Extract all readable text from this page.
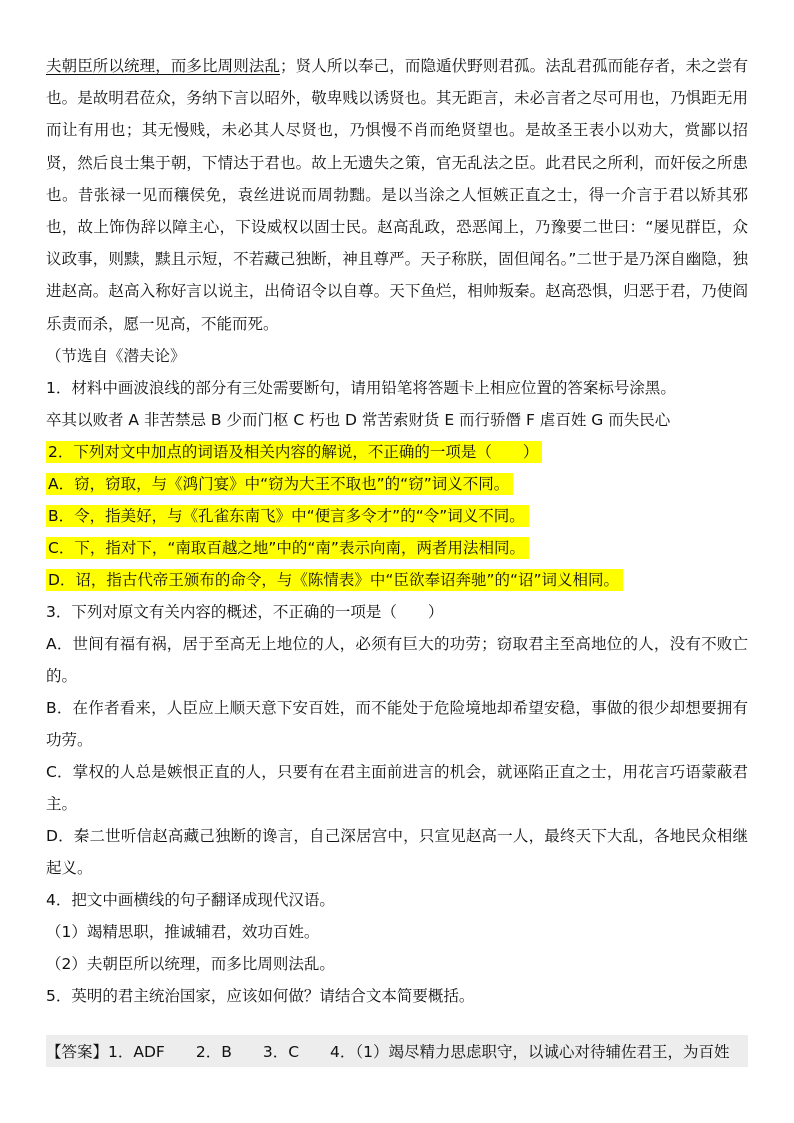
夫朝臣所以统理，而多比周则法乱；贤人所以奉己，而隐遁伏野则君孤。法乱君孤而能存者，未之尝有也。是故明君莅众，务纳下言以昭外，敬卑贱以诱贤也。其无距言，未必言者之尽可用也，乃惧距无用而让有用也；其无慢贱，未必其人尽贤也，乃惧慢不肖而绝贤望也。是故圣王表小以劝大，赏鄙以招贤，然后良士集于朝，下情达于君也。故上无遗失之策，官无乱法之臣。此君民之所利，而奸佞之所患也。昔张禄一见而穰侯免，袁丝进说而周勃黜。是以当涂之人恒嫉正直之士，得一介言于君以矫其邪也，故上饰伪辞以障主心，下设威权以固士民。赵高乱政，恐恶闻上，乃豫要二世曰：“屡见群臣，众议政事，则黩，黩且示短，不若藏己独断，神且尊严。天子称朕，固但闻名。”二世于是乃深自幽隐，独进赵高。赵高入称好言以说主，出倚诏令以自尊。天下鱼烂，相帅叛秦。赵高恐惧，归恶于君，乃使阎乐责而杀，愿一见高，不能而死。

（节选自《潜夫论》

1．材料中画波浪线的部分有三处需要断句，请用铅笔将答题卡上相应位置的答案标号涂黑。

卒其以败者 A 非苦禁忌 B 少而门枢 C 朽也 D 常苦索财货 E 而行骄僭 F 虐百姓 G 而失民心

2．下列对文中加点的词语及相关内容的解说，不正确的一项是（　　）
A．窃，窃取，与《鸿门宴》中“窃为大王不取也”的“窃”词义不同。
B．令，指美好，与《孔雀东南飞》中“便言多令才”的“令”词义不同。
C．下，指对下，“南取百越之地”中的“南”表示向南，两者用法相同。
D．诏，指古代帝王颁布的命令，与《陈情表》中“臣欲奉诏奔驰”的“诏”词义相同。

3．下列对原文有关内容的概述，不正确的一项是（　　）

A．世间有福有祸，居于至高无上地位的人，必须有巨大的功劳；窃取君主至高地位的人，没有不败亡的。

B．在作者看来，人臣应上顺天意下安百姓，而不能处于危险境地却希望安稳，事做的很少却想要拥有功劳。

C．掌权的人总是嫉恨正直的人，只要有在君主面前进言的机会，就诬陷正直之士，用花言巧语蒙蔽君主。

D．秦二世听信赵高藏己独断的谗言，自己深居宫中，只宣见赵高一人，最终天下大乱，各地民众相继起义。

4．把文中画横线的句子翻译成现代汉语。

（1）竭精思职，推诚辅君，效功百姓。

（2）夫朝臣所以统理，而多比周则法乱。

5．英明的君主统治国家，应该如何做？请结合文本简要概括。

【答案】 1．ADF　　2．B　　3．C　　4．（1）竭尽精力思虑职守，以诚心对待辅佐君王，为百姓
